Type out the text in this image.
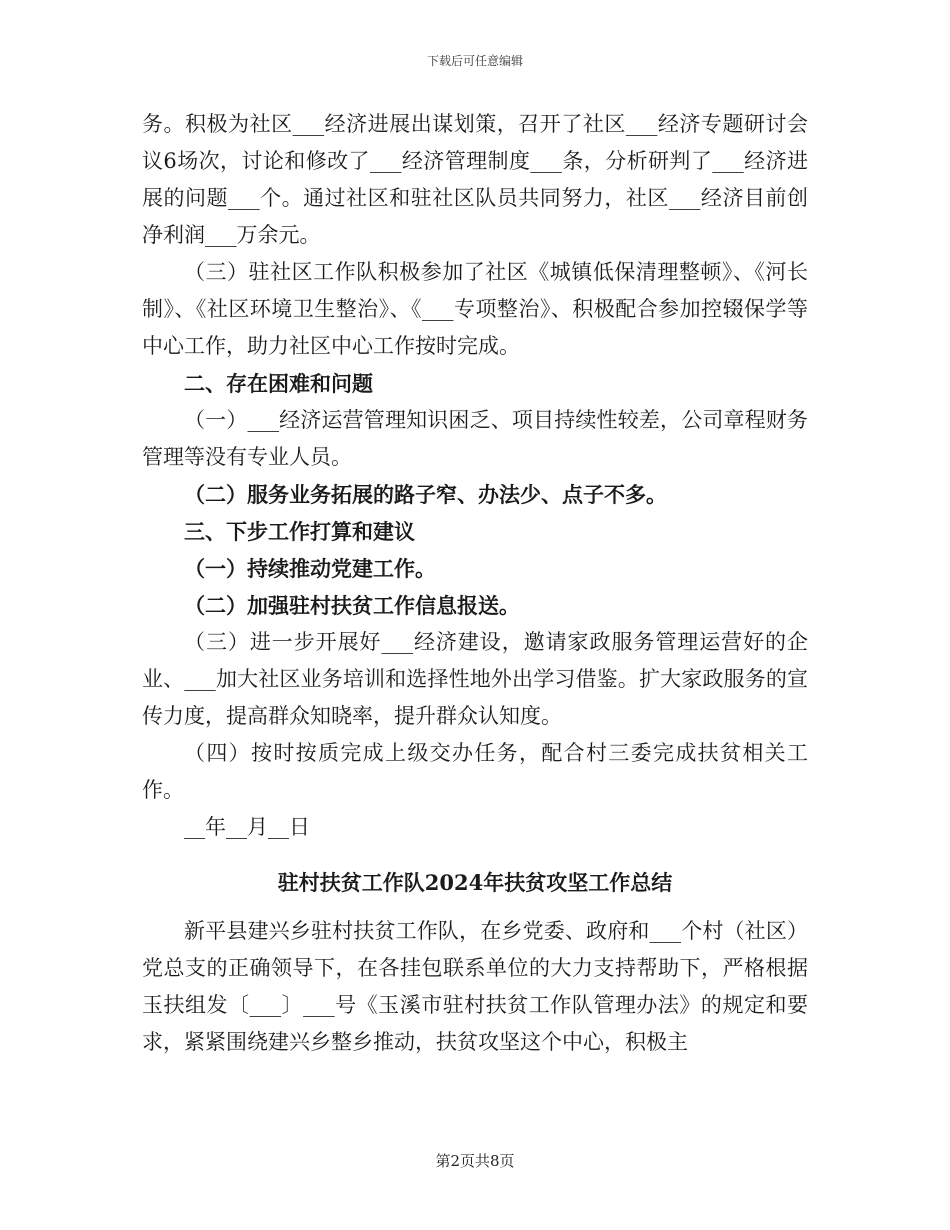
下载后可任意编辑

务。积极为社区___经济进展出谋划策，召开了社区___经济专题研讨会议6场次，讨论和修改了___经济管理制度___条，分析研判了___经济进展的问题___个。通过社区和驻社区队员共同努力，社区___经济目前创净利润___万余元。

（三）驻社区工作队积极参加了社区《城镇低保清理整顿》、《河长制》、《社区环境卫生整治》、《___专项整治》、积极配合参加控辍保学等中心工作，助力社区中心工作按时完成。

二、存在困难和问题

（一）___经济运营管理知识困乏、项目持续性较差，公司章程财务管理等没有专业人员。

（二）服务业务拓展的路子窄、办法少、点子不多。

三、下步工作打算和建议

（一）持续推动党建工作。

（二）加强驻村扶贫工作信息报送。

（三）进一步开展好___经济建设，邀请家政服务管理运营好的企业、___加大社区业务培训和选择性地外出学习借鉴。扩大家政服务的宣传力度，提高群众知晓率，提升群众认知度。

（四）按时按质完成上级交办任务，配合村三委完成扶贫相关工作。

__年__月__日

驻村扶贫工作队2024年扶贫攻坚工作总结

新平县建兴乡驻村扶贫工作队，在乡党委、政府和___个村（社区）党总支的正确领导下，在各挂包联系单位的大力支持帮助下，严格根据玉扶组发〔___〕___号《玉溪市驻村扶贫工作队管理办法》的规定和要求，紧紧围绕建兴乡整乡推动，扶贫攻坚这个中心，积极主

第2页共8页
